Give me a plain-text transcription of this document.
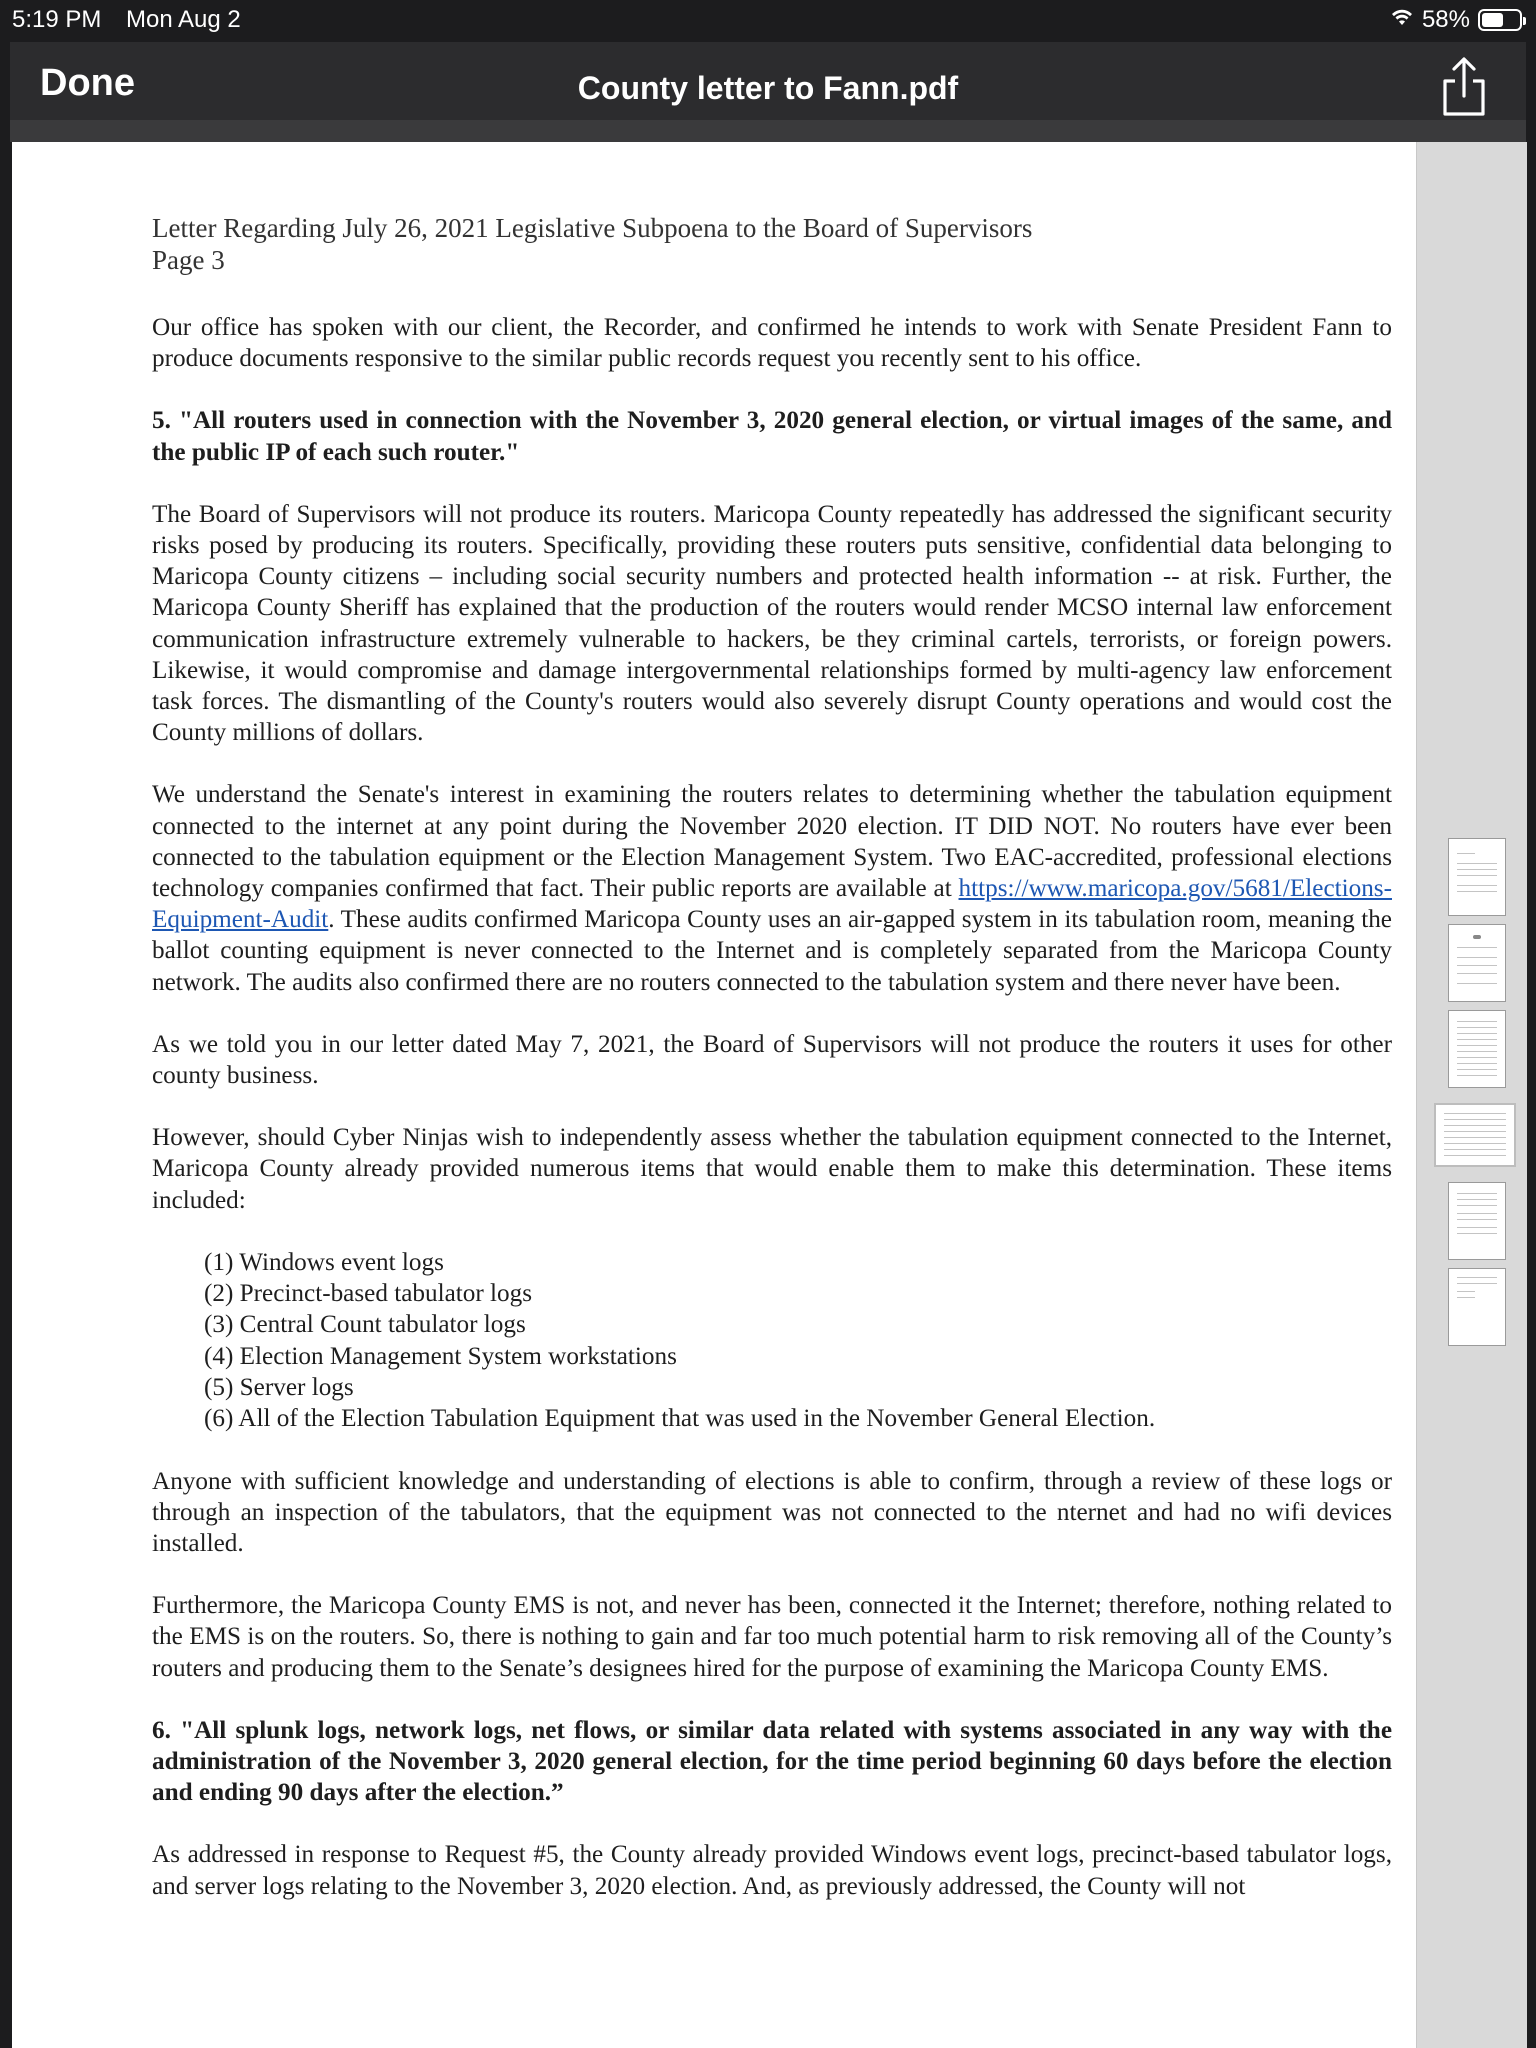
5:19 PM Mon Aug 2	58%
Done	County letter to Fann.pdf
Letter Regarding July 26, 2021 Legislative Subpoena to the Board of Supervisors
Page 3

Our office has spoken with our client, the Recorder, and confirmed he intends to work with Senate President Fann to produce documents responsive to the similar public records request you recently sent to his office.

5. "All routers used in connection with the November 3, 2020 general election, or virtual images of the same, and the public IP of each such router."

The Board of Supervisors will not produce its routers. Maricopa County repeatedly has addressed the significant security risks posed by producing its routers. Specifically, providing these routers puts sensitive, confidential data belonging to Maricopa County citizens – including social security numbers and protected health information -- at risk. Further, the Maricopa County Sheriff has explained that the production of the routers would render MCSO internal law enforcement communication infrastructure extremely vulnerable to hackers, be they criminal cartels, terrorists, or foreign powers. Likewise, it would compromise and damage intergovernmental relationships formed by multi-agency law enforcement task forces. The dismantling of the County's routers would also severely disrupt County operations and would cost the County millions of dollars.

We understand the Senate's interest in examining the routers relates to determining whether the tabulation equipment connected to the internet at any point during the November 2020 election. IT DID NOT. No routers have ever been connected to the tabulation equipment or the Election Management System. Two EAC-accredited, professional elections technology companies confirmed that fact. Their public reports are available at https://www.maricopa.gov/5681/Elections-Equipment-Audit. These audits confirmed Maricopa County uses an air-gapped system in its tabulation room, meaning the ballot counting equipment is never connected to the Internet and is completely separated from the Maricopa County network. The audits also confirmed there are no routers connected to the tabulation system and there never have been.

As we told you in our letter dated May 7, 2021, the Board of Supervisors will not produce the routers it uses for other county business.

However, should Cyber Ninjas wish to independently assess whether the tabulation equipment connected to the Internet, Maricopa County already provided numerous items that would enable them to make this determination. These items included:

(1) Windows event logs
(2) Precinct-based tabulator logs
(3) Central Count tabulator logs
(4) Election Management System workstations
(5) Server logs
(6) All of the Election Tabulation Equipment that was used in the November General Election.

Anyone with sufficient knowledge and understanding of elections is able to confirm, through a review of these logs or through an inspection of the tabulators, that the equipment was not connected to the nternet and had no wifi devices installed.

Furthermore, the Maricopa County EMS is not, and never has been, connected it the Internet; therefore, nothing related to the EMS is on the routers. So, there is nothing to gain and far too much potential harm to risk removing all of the County’s routers and producing them to the Senate’s designees hired for the purpose of examining the Maricopa County EMS.

6. "All splunk logs, network logs, net flows, or similar data related with systems associated in any way with the administration of the November 3, 2020 general election, for the time period beginning 60 days before the election and ending 90 days after the election.”

As addressed in response to Request #5, the County already provided Windows event logs, precinct-based tabulator logs, and server logs relating to the November 3, 2020 election. And, as previously addressed, the County will not
